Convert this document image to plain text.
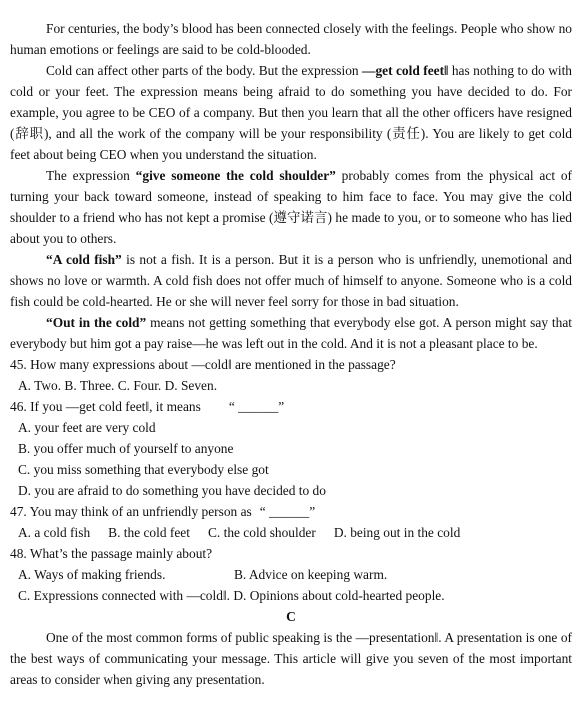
For centuries, the body’s blood has been connected closely with the feelings. People who show no human emotions or feelings are said to be cold-blooded.

Cold can affect other parts of the body. But the expression —get cold feet‖ has nothing to do with cold or your feet. The expression means being afraid to do something you have decided to do. For example, you agree to be CEO of a company. But then you learn that all the other officers have resigned (辞职), and all the work of the company will be your responsibility (责任). You are likely to get cold feet about being CEO when you understand the situation.

The expression “give someone the cold shoulder” probably comes from the physical act of turning your back toward someone, instead of speaking to him face to face. You may give the cold shoulder to a friend who has not kept a promise (遵守诺言) he made to you, or to someone who has lied about you to others.

“A cold fish” is not a fish. It is a person. But it is a person who is unfriendly, unemotional and shows no love or warmth. A cold fish does not offer much of himself to anyone. Someone who is a cold fish could be cold-hearted. He or she will never feel sorry for those in bad situation.

“Out in the cold” means not getting something that everybody else got. A person might say that everybody but him got a pay raise—he was left out in the cold. And it is not a pleasant place to be.

45. How many expressions about —cold‖ are mentioned in the passage?

A. Two. B. Three. C. Four. D. Seven.

46. If you —get cold feet‖, it means “ ______”

A. your feet are very cold

B. you offer much of yourself to anyone

C. you miss something that everybody else got

D. you are afraid to do something you have decided to do

47. You may think of an unfriendly person as “ ______”

A. a cold fish B. the cold feet C. the cold shoulder D. being out in the cold

48. What’s the passage mainly about?

A. Ways of making friends.	B. Advice on keeping warm.

C. Expressions connected with —cold‖. D. Opinions about cold-hearted people.

C

One of the most common forms of public speaking is the —presentation‖. A presentation is one of the best ways of communicating your message. This article will give you seven of the most important areas to consider when giving any presentation.
